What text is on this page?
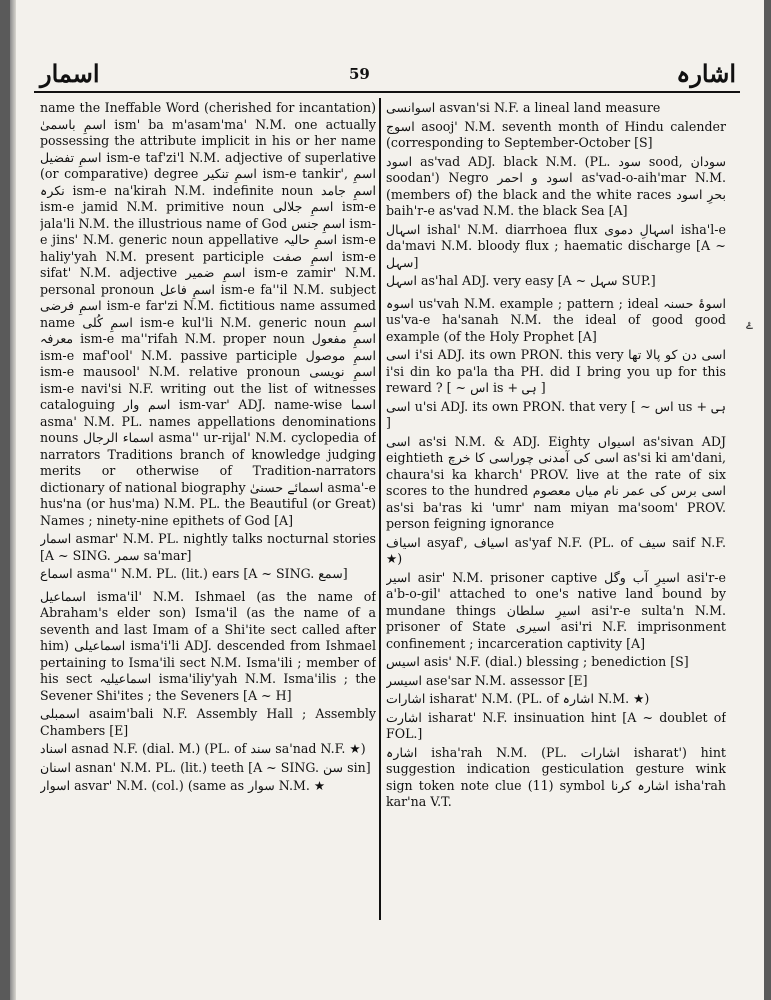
اسمار	59	اشارہ

name the Ineffable Word (cherished for incantation) اسمِ باسمیٰ ism' ba m'asam'ma' N.M. one actually possessing the attribute implicit in his or her name اسمِ تفضیل ism-e taf'zi'l N.M. adjective of superlative (or comparative) degree اسمِ تنکیر ism-e tankir', اسمِ نکرہ ism-e na'kirah N.M. indefinite noun اسمِ جامد ism-e jamid N.M. primitive noun اسمِ جلالی ism-e jala'li N.M. the illustrious name of God اسمِ جنس ism-e jins' N.M. generic noun appellative اسمِ حالیہ ism-e haliy'yah N.M. present participle اسمِ صفت ism-e sifat' N.M. adjective اسمِ ضمیر ism-e zamir' N.M. personal pronoun اسمِ فاعل ism-e fa''il N.M. subject اسمِ فرضی ism-e far'zi N.M. fictitious name assumed name اسمِ کُلی ism-e kul'li N.M. generic noun اسمِ معرفہ ism-e ma''rifah N.M. proper noun اسمِ مفعول ism-e maf'ool' N.M. passive participle اسمِ موصول ism-e mausool' N.M. relative pronoun اسمِ نویسی ism-e navi'si N.F. writing out the list of witnesses cataloguing اسم وار ism-var' ADJ. name-wise اسما asma' N.M. PL. names appellations denominations nouns اسماء الرجال asma'' ur-rijal' N.M. cyclopedia of narrators Traditions branch of knowledge judging merits or otherwise of Tradition-narrators dictionary of national biography اسمائے حسنیٰ asma'-e hus'na (or hus'ma) N.M. PL. the Beautiful (or Great) Names ; ninety-nine epithets of God [A]

اسمار asmar' N.M. PL. nightly talks nocturnal stories [A ~ SING. سمر sa'mar]

اسماع asma'' N.M. PL. (lit.) ears [A ~ SING. سمع]

اسماعیل isma'il' N.M. Ishmael (as the name of Abraham's elder son) Isma'il (as the name of a seventh and last Imam of a Shi'ite sect called after him) اسماعیلی isma'i'li ADJ. descended from Ishmael pertaining to Isma'ili sect N.M. Isma'ili ; member of his sect اسماعیلیہ isma'iliy'yah N.M. Isma'ilis ; the Sevener Shi'ites ; the Seveners [A ~ H]

اسمبلی asaim'bali N.F. Assembly Hall ; Assembly Chambers [E]

اسناد asnad N.F. (dial. M.) (PL. of سند sa'nad N.F. ★)

اسنان asnan' N.M. PL. (lit.) teeth [A ~ SING. سن sin]

اسوار asvar' N.M. (col.) (same as سوار N.M. ★

اسوانسی asvan'si N.F. a lineal land measure

اسوج asooj' N.M. seventh month of Hindu calender (corresponding to September-October [S]

اسود as'vad ADJ. black N.M. (PL. سود sood, سودان soodan') Negro اسود و احمر as'vad-o-aih'mar N.M. (members of) the black and the white races بحرِ اسود baih'r-e as'vad N.M. the black Sea [A]

اسہال ishal' N.M. diarrhoea flux اسہالِ دموی isha'l-e da'mavi N.M. bloody flux ; haematic discharge [A ~ سہل]

اسہل as'hal ADJ. very easy [A ~ سہل SUP.]

اسوہ us'vah N.M. example ; pattern ; ideal اسوۂ حسنہ us'va-e ha'sanah N.M. the ideal of good good example (of the Holy Prophet [A]

اسی i'si ADJ. its own PRON. this very اسی دن کو پالا تھا i'si din ko pa'la tha PH. did I bring you up for this reward ? [ ~ اس is + ہی ]

اسی u'si ADJ. its own PRON. that very [ ~ اس us + ہی ]

اسی as'si N.M. & ADJ. Eighty اسیواں as'sivan ADJ eightieth اسی کی آمدنی چوراسی کا خرچ as'si ki am'dani, chaura'si ka kharch' PROV. live at the rate of six scores to the hundred اسی برس کی عمر نام میاں معصوم as'si ba'ras ki 'umr' nam miyan ma'soom' PROV. person feigning ignorance

اسیاف asyaf', اسیاف as'yaf N.F. (PL. of سیف saif N.F. ★)

اسیر asir' N.M. prisoner captive اسیرِ آب وگل asi'r-e a'b-o-gil' attached to one's native land bound by mundane things اسیرِ سلطان asi'r-e sulta'n N.M. prisoner of State اسیری asi'ri N.F. imprisonment confinement ; incarceration captivity [A]

اسیس asis' N.F. (dial.) blessing ; benediction [S]

اسیسر ase'sar N.M. assessor [E]

اشارات isharat' N.M. (PL. of اشارہ N.M. ★)

اشارت isharat' N.F. insinuation hint [A ~ doublet of FOL.]

اشارہ isha'rah N.M. (PL. اشارات isharat') hint suggestion indication gesticulation gesture wink sign token note clue (11) symbol اشارہ کرنا isha'rah kar'na V.T.

ۓ
